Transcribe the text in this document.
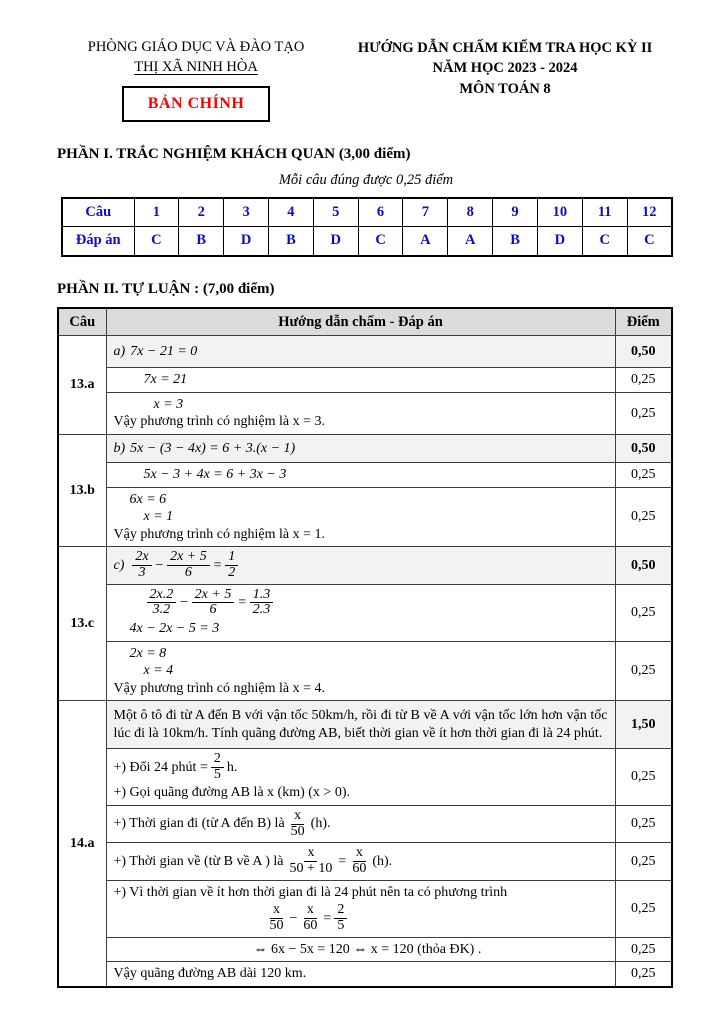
PHÒNG GIÁO DỤC VÀ ĐÀO TẠO
THỊ XÃ NINH HÒA
BẢN CHÍNH
HƯỚNG DẪN CHẤM KIỂM TRA HỌC KỲ II
NĂM HỌC 2023 - 2024
MÔN TOÁN 8
PHẦN I. TRẮC NGHIỆM KHÁCH QUAN (3,00 điểm)
Mỗi câu đúng được 0,25 điểm
Câu	1	2	3	4	5	6	7	8	9	10	11	12
Đáp án	C	B	D	B	D	C	A	A	B	D	C	C
PHẦN II. TỰ LUẬN : (7,00 điểm)
Câu	Hướng dẫn chấm - Đáp án	Điểm
13.a	a) 7x − 21 = 0	0,50
	7x = 21	0,25

	x = 3
Vậy phương trình có nghiệm là x = 3.	0,25
13.b	b) 5x − (3 − 4x) = 6 + 3.(x − 1)	0,50
	5x − 3 + 4x = 6 + 3x − 3	0,25

	6x = 6
x = 1
Vậy phương trình có nghiệm là x = 1.	0,25
13.c	
$c) \frac{2x}{3} - \frac{2x + 5}{6} = \frac{1}{2}$	0,50

$\frac{2x.2}{3.2} - \frac{2x + 5}{6} = \frac{1.3}{2.3}$
4x − 2x − 5 = 3
	0,25

	2x = 8
x = 4
Vậy phương trình có nghiệm là x = 4.	0,25
14.a	Một ô tô đi từ A đến B với vận tốc 50km/h, rồi đi từ B về A với vận tốc lớn hơn vận tốc lúc đi là 10km/h. Tính quãng đường AB, biết thời gian về ít hơn thời gian đi là 24 phút.	1,50

	+) Đổi 24 phút = $\frac{2}{5} h$.
+) Gọi quãng đường AB là x (km) (x > 0).	0,25

	+) Thời gian đi (từ A đến B) là $\frac{x}{50} (h)$.	0,25

+) Thời gian về (từ B về A ) là $\frac{x}{50 + 10} = \frac{x}{60} (h)$.	0,25

+) Vì thời gian về ít hơn thời gian đi là 24 phút nên ta có phương trình
$\frac{x}{50} - \frac{x}{60} = \frac{2}{5}$	0,25

	⇔ 6x − 5x = 120 ⇔ x = 120 (thỏa ĐK) .	0,25
	Vậy quãng đường AB dài 120 km.	0,25
